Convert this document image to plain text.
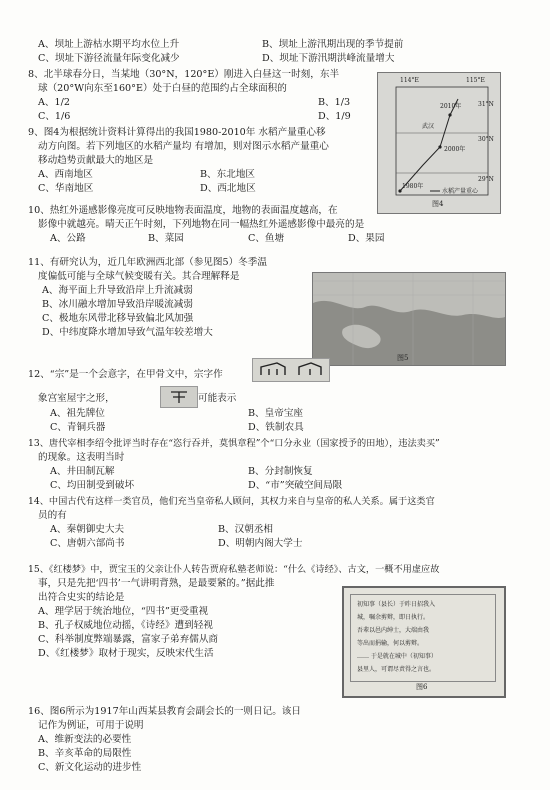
A、坝址上游枯水期平均水位上升	B、坝址上游汛期出现的季节提前
C、坝址下游径流量年际变化减少	D、坝址下游汛期洪峰流量增大
8、北半球春分日，当某地（30°N，120°E）刚进入白昼这一时刻，东半
球（20°W向东至160°E）处于白昼的范围约占全球面积的
A、1/2	B、1/3
C、1/6	D、1/9
9、图4为根据统计资料计算得出的我国1980-2010年 水稻产量重心移
动方向图。若下列地区的水稻产量均 有增加，则对图示水稻产量重心
移动趋势贡献最大的地区是
A、西南地区	B、东北地区
C、华南地区	D、西北地区
114°E	115°E
31°N
30°N
29°N
武汉
2010年
2000年
1980年
水稻产量重心
图4
10、热红外遥感影像亮度可反映地物表面温度，地物的表面温度越高，在
影像中就越亮。晴天正午时刻，下列地物在同一幅热红外遥感影像中最亮的是
A、公路	B、菜园	C、鱼塘	D、果园
11、有研究认为，近几年欧洲西北部（参见图5）冬季温
度偏低可能与全球气候变暖有关。其合理解释是
A、海平面上升导致沿岸上升流减弱
B、冰川融水增加导致沿岸暖流减弱
C、极地东风带北移导致偏北风加强
D、中纬度降水增加导致气温年较差增大
图5
12、“宗”是一个会意字，在甲骨文中，宗字作
象宫室屋宇之形，	可能表示
A、祖先牌位	B、皇帝宝座
C、青铜兵器	D、铁制农具
13、唐代宰相李绍令批评当时存在“恣行吞并，莫惧章程”个“口分永业（国家授予的田地），违法卖买”
的现象。这表明当时
A、井田制瓦解	B、分封制恢复
C、均田制受到破坏	D、“市”突破空间局限
14、中国古代有这样一类官员，他们充当皇帝私人顾问，其权力来自与皇帝的私人关系。属于这类官
员的有
A、秦朝御史大夫	B、汉朝丞相
C、唐朝六部尚书	D、明朝内阁大学士
15、《红楼梦》中，贾宝玉的父亲让仆人转告贾府私塾老师说：“什么《诗经》、古文，一概不用虚应故
事，只是先把‘四书’一气讲明背熟，是最要紧的。”据此推
出符合史实的结论是
A、理学居于统治地位，“四书”更受重视
B、孔子权威地位动摇，《诗经》遭到轻视
C、科举制度弊端暴露，富家子弟弃儒从商
D、《红楼梦》取材于现实，反映宋代生活
初知事（县长）于昨日招我入
城，嘱余剪辫，即日执行。
吾辈以邑内绅士，大端由我
等出而捐输，何以剪辫。
…… 于是就在城中（初知事）
县里人，可谓尽责得之言也。
图6
16、图6所示为1917年山西某县教育会副会长的一则日记。该日
记作为例证，可用于说明
A、维新变法的必要性
B、辛亥革命的局限性
C、新文化运动的进步性
